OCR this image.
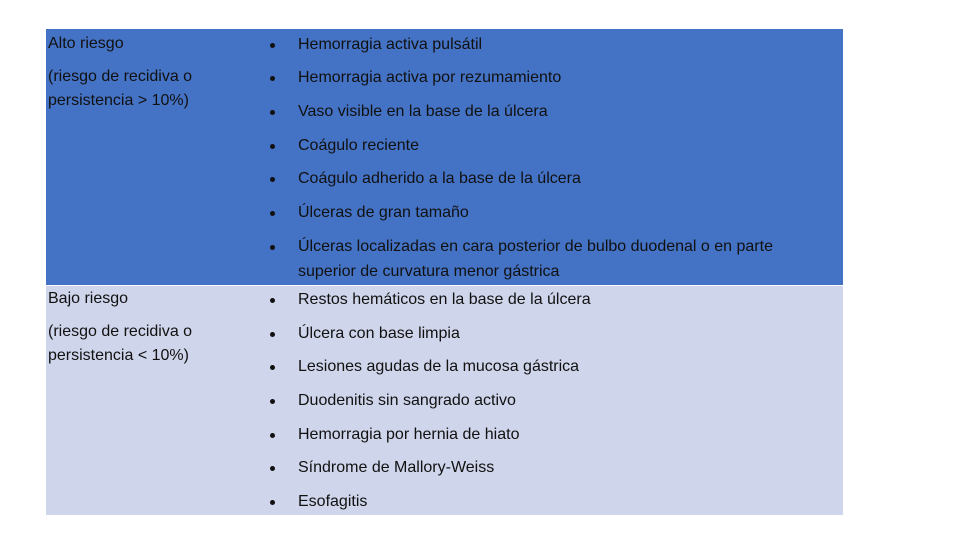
Alto riesgo
(riesgo de recidiva o
persistencia > 10%)
Hemorragia activa pulsátil
Hemorragia activa por rezumamiento
Vaso visible en la base de la úlcera
Coágulo reciente
Coágulo adherido a la base de la úlcera
Úlceras de gran tamaño
Úlceras localizadas en cara posterior de bulbo duodenal o en parte superior de curvatura menor gástrica
Bajo riesgo
(riesgo de recidiva o
persistencia < 10%)
Restos hemáticos en la base de la úlcera
Úlcera con base limpia
Lesiones agudas de la mucosa gástrica
Duodenitis sin sangrado activo
Hemorragia por hernia de hiato
Síndrome de Mallory-Weiss
Esofagitis
